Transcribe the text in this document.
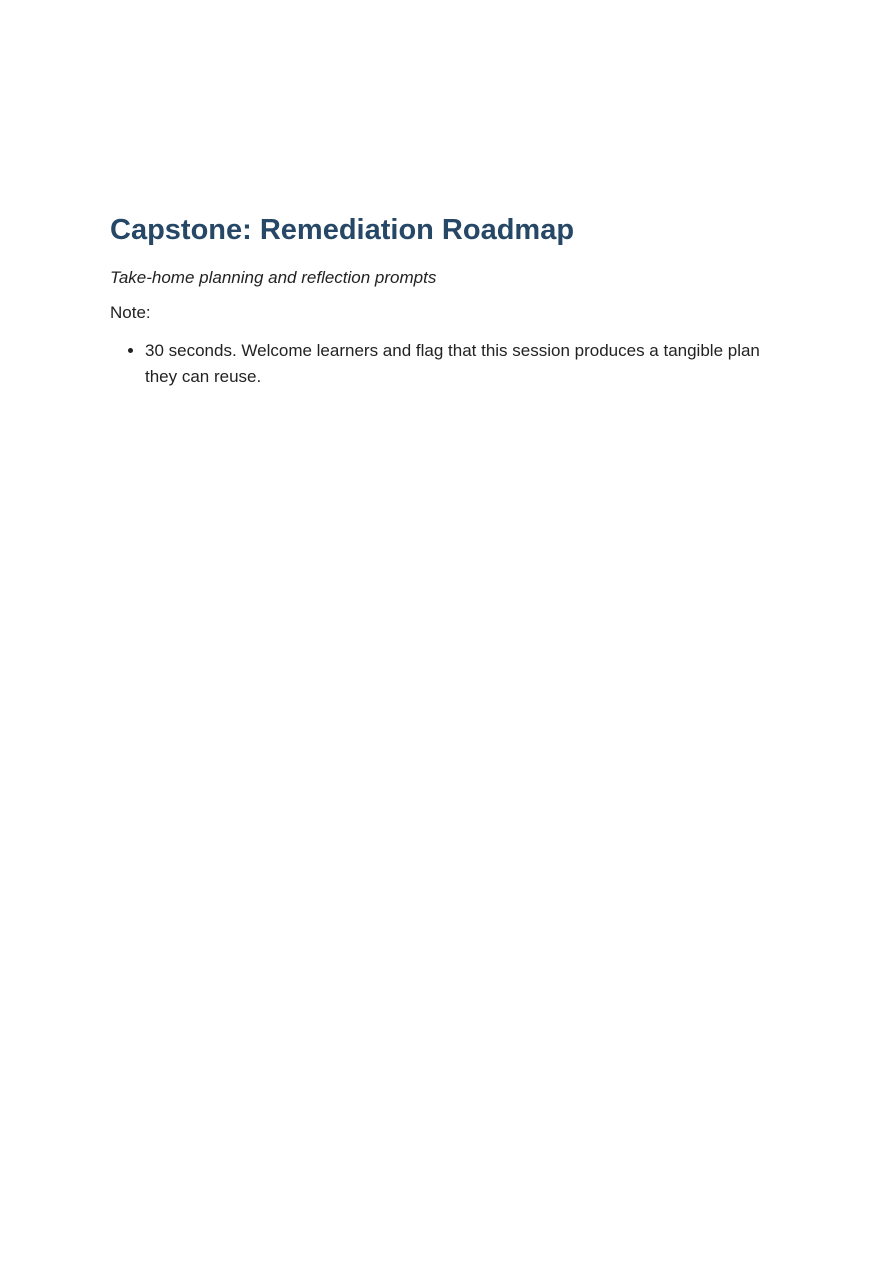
Capstone: Remediation Roadmap

Take-home planning and reflection prompts

Note:

• 30 seconds. Welcome learners and flag that this session produces a tangible plan they can reuse.
